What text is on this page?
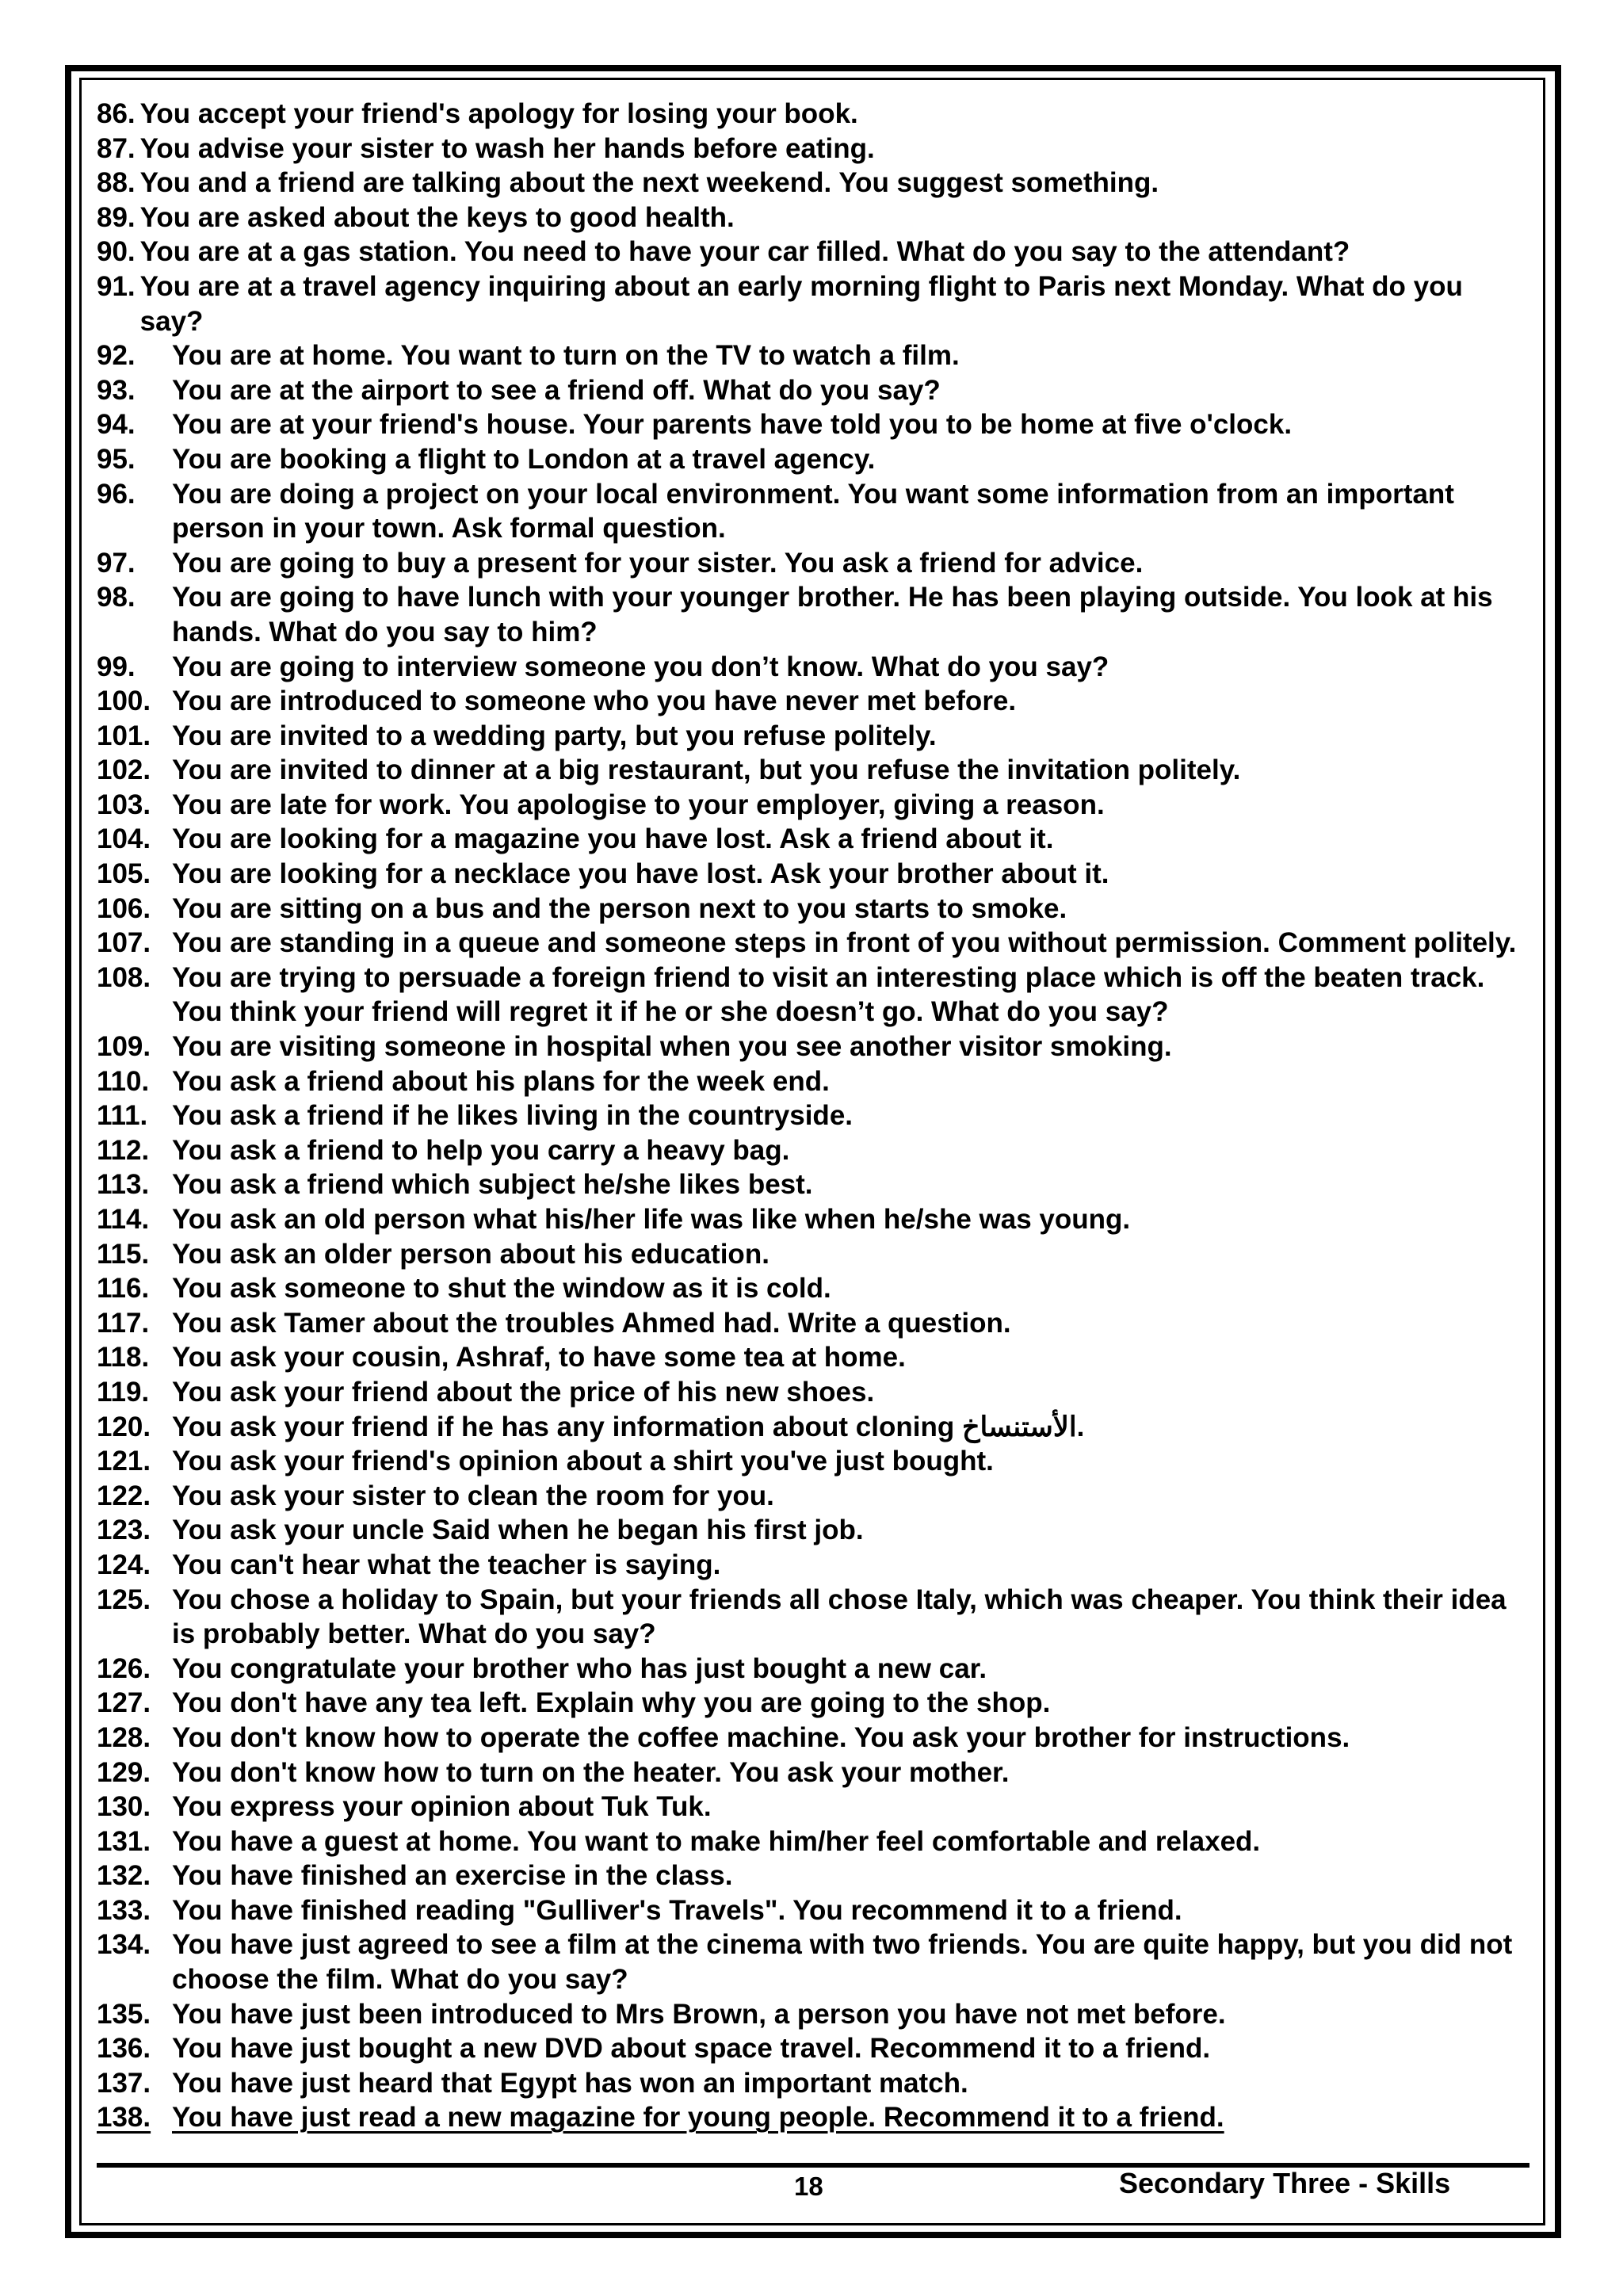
86. You accept your friend's apology for losing your book.
87. You advise your sister to wash her hands before eating.
88. You and a friend are talking about the next weekend. You suggest something.
89. You are asked about the keys to good health.
90. You are at a gas station. You need to have your car filled. What do you say to the attendant?
91. You are at a travel agency inquiring about an early morning flight to Paris next Monday. What do you say?
92.	You are at home. You want to turn on the TV to watch a film.
93.	You are at the airport to see a friend off. What do you say?
94.	You are at your friend's house. Your parents have told you to be home at five o'clock.
95.	You are booking a flight to London at a travel agency.
96.	You are doing a project on your local environment. You want some information from an important person in your town. Ask formal question.
97.	You are going to buy a present for your sister. You ask a friend for advice.
98.	You are going to have lunch with your younger brother. He has been playing outside. You look at his hands. What do you say to him?
99.	You are going to interview someone you don’t know. What do you say?
100. You are introduced to someone who you have never met before.
101. You are invited to a wedding party, but you refuse politely.
102. You are invited to dinner at a big restaurant, but you refuse the invitation politely.
103. You are late for work. You apologise to your employer, giving a reason.
104. You are looking for a magazine you have lost. Ask a friend about it.
105. You are looking for a necklace you have lost. Ask your brother about it.
106. You are sitting on a bus and the person next to you starts to smoke.
107. You are standing in a queue and someone steps in front of you without permission. Comment politely.
108. You are trying to persuade a foreign friend to visit an interesting place which is off the beaten track. You think your friend will regret it if he or she doesn’t go. What do you say?
109. You are visiting someone in hospital when you see another visitor smoking.
110. You ask a friend about his plans for the week end.
111. You ask a friend if he likes living in the countryside.
112. You ask a friend to help you carry a heavy bag.
113. You ask a friend which subject he/she likes best.
114. You ask an old person what his/her life was like when he/she was young.
115. You ask an older person about his education.
116. You ask someone to shut the window as it is cold.
117. You ask Tamer about the troubles Ahmed had. Write a question.
118. You ask your cousin, Ashraf, to have some tea at home.
119. You ask your friend about the price of his new shoes.
120. You ask your friend if he has any information about cloning الأستنساخ.
121. You ask your friend's opinion about a shirt you've just bought.
122. You ask your sister to clean the room for you.
123. You ask your uncle Said when he began his first job.
124. You can't hear what the teacher is saying.
125. You chose a holiday to Spain, but your friends all chose Italy, which was cheaper. You think their idea is probably better. What do you say?
126. You congratulate your brother who has just bought a new car.
127. You don't have any tea left. Explain why you are going to the shop.
128. You don't know how to operate the coffee machine. You ask your brother for instructions.
129. You don't know how to turn on the heater. You ask your mother.
130. You express your opinion about Tuk Tuk.
131. You have a guest at home. You want to make him/her feel comfortable and relaxed.
132. You have finished an exercise in the class.
133. You have finished reading "Gulliver's Travels". You recommend it to a friend.
134. You have just agreed to see a film at the cinema with two friends. You are quite happy, but you did not choose the film. What do you say?
135. You have just been introduced to Mrs Brown, a person you have not met before.
136. You have just bought a new DVD about space travel. Recommend it to a friend.
137. You have just heard that Egypt has won an important match.
138. You have just read a new magazine for young people. Recommend it to a friend.
18	Secondary Three - Skills
